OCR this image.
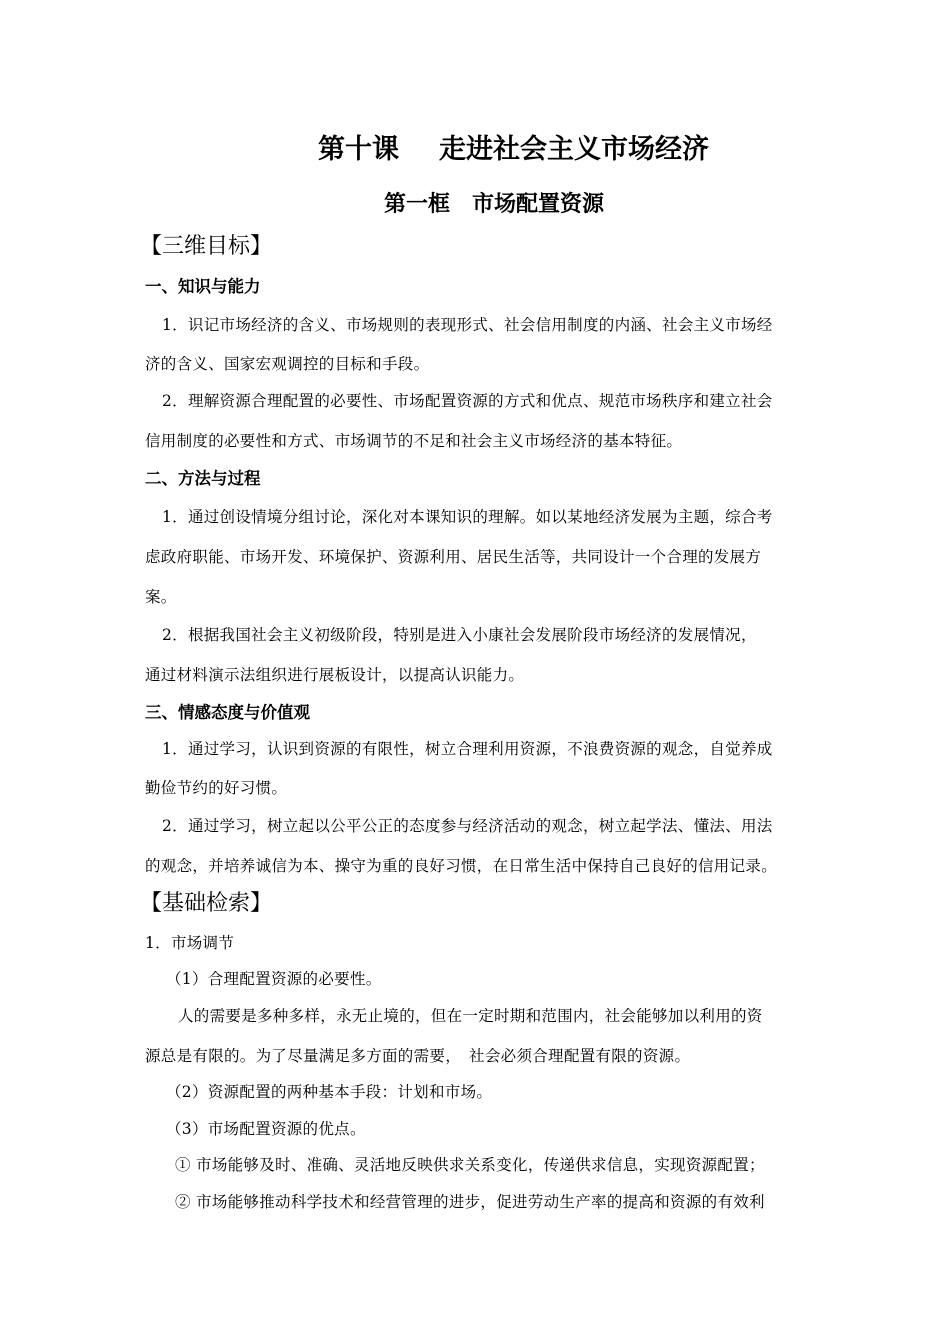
第十课 走进社会主义市场经济
第一框 市场配置资源
【三维目标】
一、知识与能力
1．识记市场经济的含义、市场规则的表现形式、社会信用制度的内涵、社会主义市场经
济的含义、国家宏观调控的目标和手段。
2．理解资源合理配置的必要性、市场配置资源的方式和优点、规范市场秩序和建立社会
信用制度的必要性和方式、市场调节的不足和社会主义市场经济的基本特征。
二、方法与过程
1．通过创设情境分组讨论，深化对本课知识的理解。如以某地经济发展为主题，综合考
虑政府职能、市场开发、环境保护、资源利用、居民生活等，共同设计一个合理的发展方
案。
2．根据我国社会主义初级阶段，特别是进入小康社会发展阶段市场经济的发展情况，
通过材料演示法组织进行展板设计，以提高认识能力。
三、情感态度与价值观
1．通过学习，认识到资源的有限性，树立合理利用资源，不浪费资源的观念，自觉养成
勤俭节约的好习惯。
2．通过学习，树立起以公平公正的态度参与经济活动的观念，树立起学法、懂法、用法
的观念，并培养诚信为本、操守为重的良好习惯，在日常生活中保持自己良好的信用记录。
【基础检索】
1．市场调节
（1）合理配置资源的必要性。
人的需要是多种多样，永无止境的，但在一定时期和范围内，社会能够加以利用的资
源总是有限的。为了尽量满足多方面的需要，　社会必须合理配置有限的资源。
（2）资源配置的两种基本手段：计划和市场。
（3）市场配置资源的优点。
① 市场能够及时、准确、灵活地反映供求关系变化，传递供求信息，实现资源配置；
② 市场能够推动科学技术和经营管理的进步，促进劳动生产率的提高和资源的有效利
